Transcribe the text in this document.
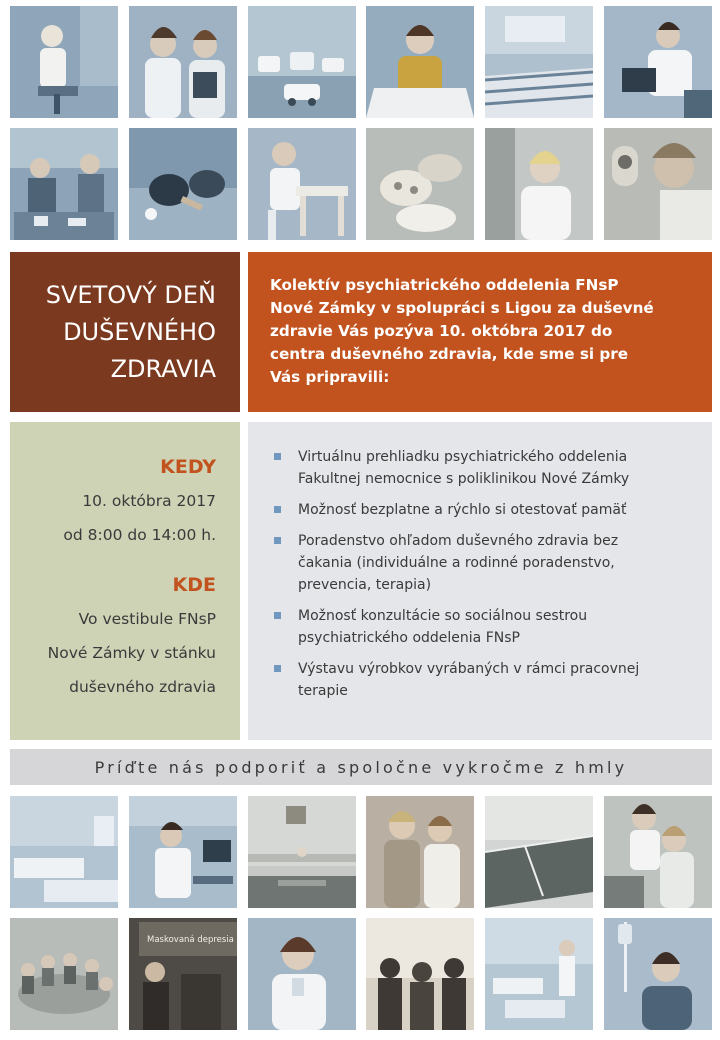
SVETOVÝ DEŇ
DUŠEVNÉHO
ZDRAVIA
Kolektív psychiatrického oddelenia FNsP
Nové Zámky v spolupráci s Ligou za duševné
zdravie Vás pozýva 10. októbra 2017 do
centra duševného zdravia, kde sme si pre
Vás pripravili:
KEDY
10. októbra 2017
od 8:00 do 14:00 h.
KDE
Vo vestibule FNsP
Nové Zámky v stánku
duševného zdravia
Virtuálnu prehliadku psychiatrického oddelenia
Fakultnej nemocnice s poliklinikou Nové Zámky
Možnosť bezplatne a rýchlo si otestovať pamäť
Poradenstvo ohľadom duševného zdravia bez
čakania (individuálne a rodinné poradenstvo,
prevencia, terapia)
Možnosť konzultácie so sociálnou sestrou
psychiatrického oddelenia FNsP
Výstavu výrobkov vyrábaných v rámci pracovnej
terapie
Príďte nás podporiť a spoločne vykročme z hmly
Maskovaná depresia
